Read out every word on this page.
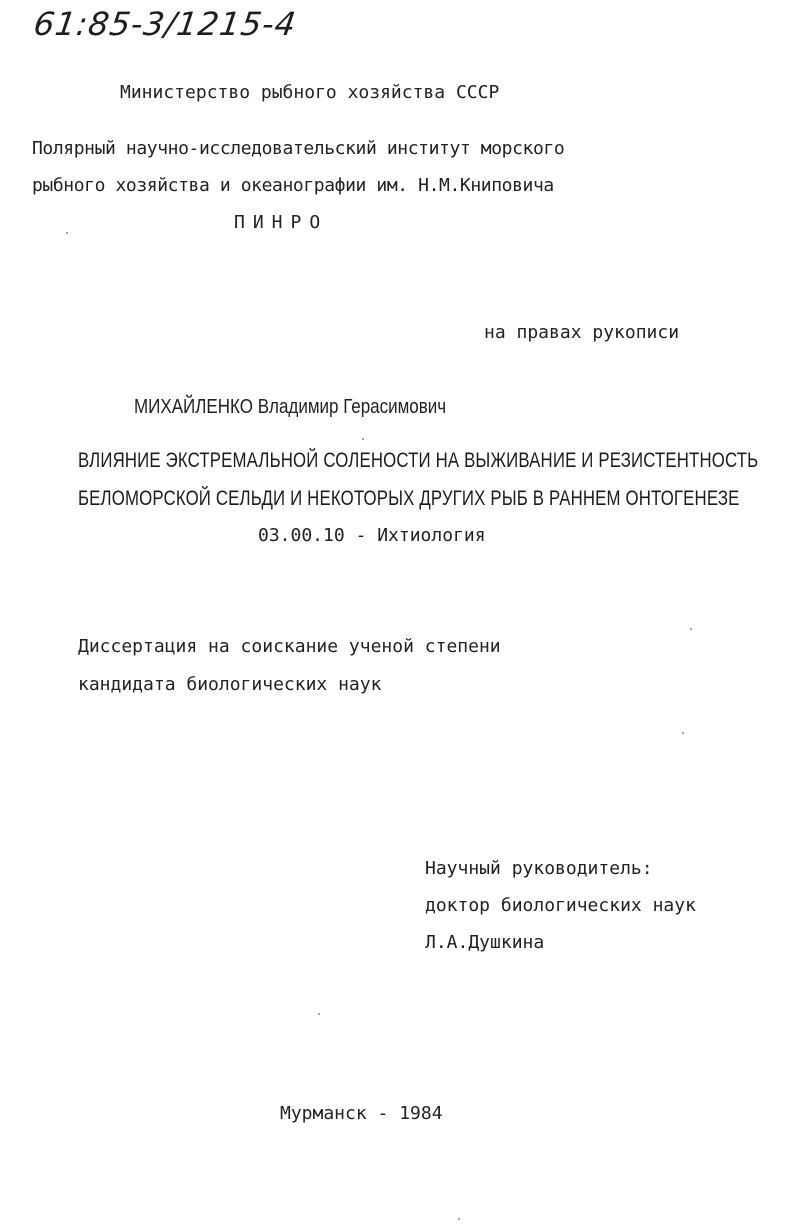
61:85-3/1215-4
Министерство рыбного хозяйства СССР
Полярный научно-исследовательский институт морского
рыбного хозяйства и океанографии им. Н.М.Книповича
ПИНРО
на правах рукописи
МИХАЙЛЕНКО Владимир Герасимович
ВЛИЯНИЕ ЭКСТРЕМАЛЬНОЙ СОЛЕНОСТИ НА ВЫЖИВАНИЕ И РЕЗИСТЕНТНОСТЬ
БЕЛОМОРСКОЙ СЕЛЬДИ И НЕКОТОРЫХ ДРУГИХ РЫБ В РАННЕМ ОНТОГЕНЕЗЕ
03.00.10 - Ихтиология
Диссертация на соискание ученой степени
кандидата биологических наук
Научный руководитель:
доктор биологических наук
Л.А.Душкина
Мурманск - 1984
